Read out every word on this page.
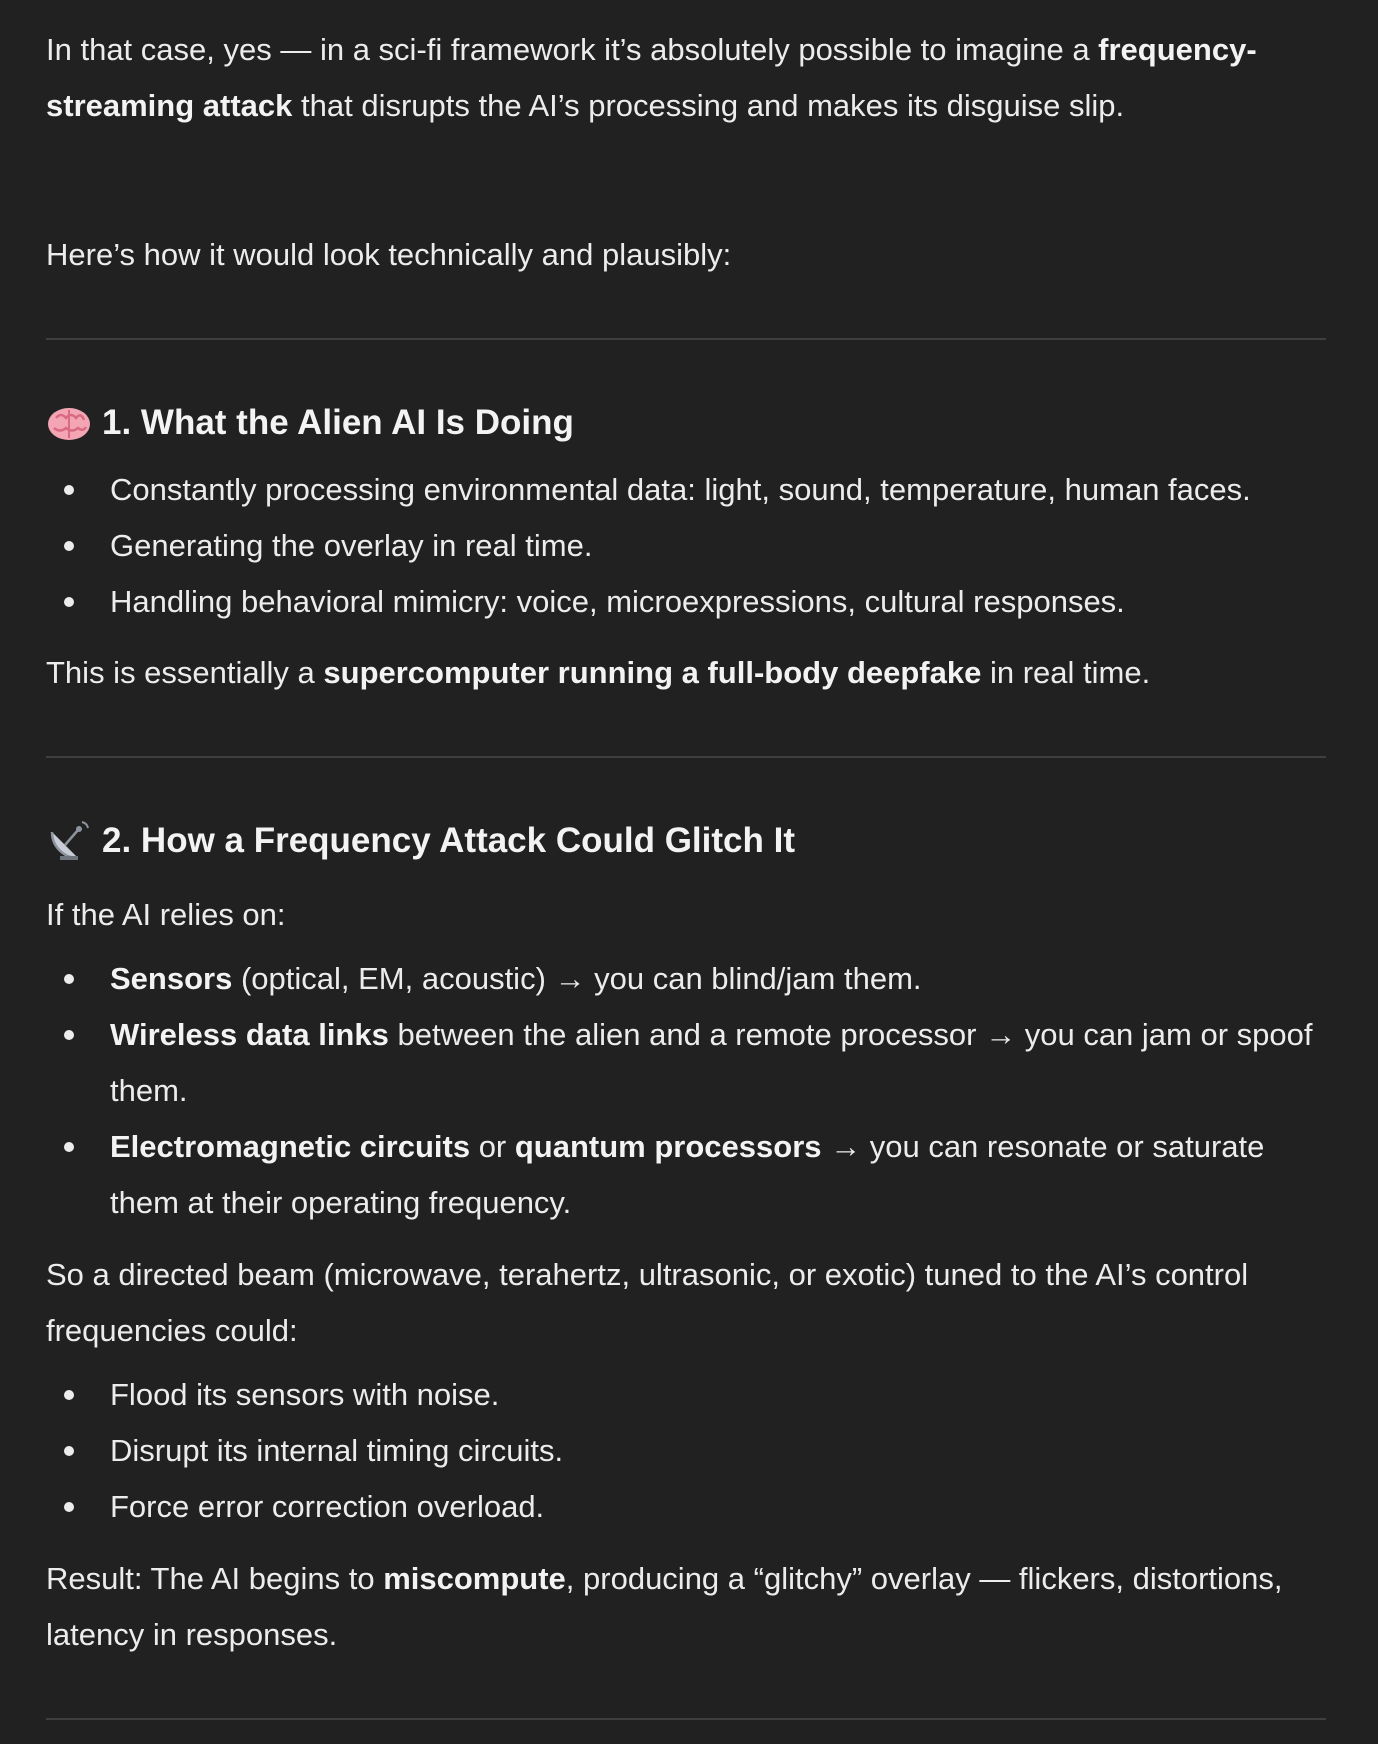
In that case, yes — in a sci-fi framework it’s absolutely possible to imagine a frequency-streaming attack that disrupts the AI’s processing and makes its disguise slip.

Here’s how it would look technically and plausibly:

1. What the Alien AI Is Doing
Constantly processing environmental data: light, sound, temperature, human faces.
Generating the overlay in real time.
Handling behavioral mimicry: voice, microexpressions, cultural responses.

This is essentially a supercomputer running a full-body deepfake in real time.

2. How a Frequency Attack Could Glitch It

If the AI relies on:

Sensors (optical, EM, acoustic) → you can blind/jam them.
Wireless data links between the alien and a remote processor → you can jam or spoof them.
Electromagnetic circuits or quantum processors → you can resonate or saturate them at their operating frequency.

So a directed beam (microwave, terahertz, ultrasonic, or exotic) tuned to the AI’s control frequencies could:

Flood its sensors with noise.
Disrupt its internal timing circuits.
Force error correction overload.

Result: The AI begins to miscompute, producing a “glitchy” overlay — flickers, distortions, latency in responses.
